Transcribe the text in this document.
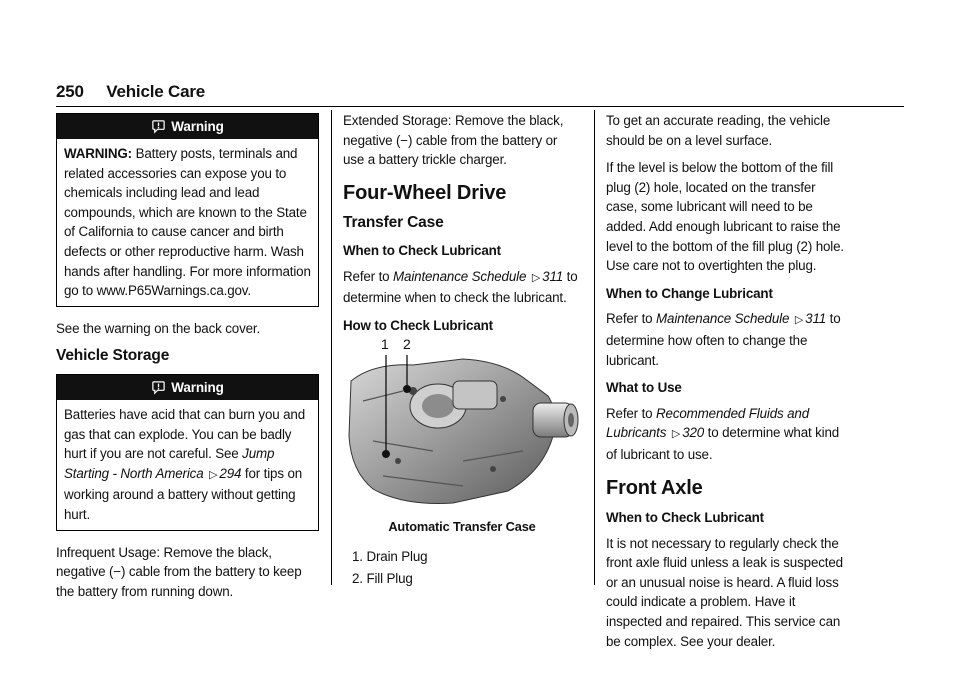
250 Vehicle Care
Warning
WARNING: Battery posts, terminals and related accessories can expose you to chemicals including lead and lead compounds, which are known to the State of California to cause cancer and birth defects or other reproductive harm. Wash hands after handling. For more information go to www.P65Warnings.ca.gov.

See the warning on the back cover.

Vehicle Storage
Warning
Batteries have acid that can burn you and gas that can explode. You can be badly hurt if you are not careful. See Jump Starting - North America ▷ 294 for tips on working around a battery without getting hurt.

Infrequent Usage: Remove the black, negative (−) cable from the battery to keep the battery from running down.

Extended Storage: Remove the black, negative (−) cable from the battery or use a battery trickle charger.

Four-Wheel Drive
Transfer Case
When to Check Lubricant

Refer to Maintenance Schedule ▷ 311 to determine when to check the lubricant.

How to Check Lubricant
1 2
Automatic Transfer Case
1. Drain Plug
2. Fill Plug

To get an accurate reading, the vehicle should be on a level surface.

If the level is below the bottom of the fill plug (2) hole, located on the transfer case, some lubricant will need to be added. Add enough lubricant to raise the level to the bottom of the fill plug (2) hole. Use care not to overtighten the plug.

When to Change Lubricant

Refer to Maintenance Schedule ▷ 311 to determine how often to change the lubricant.

What to Use

Refer to Recommended Fluids and Lubricants ▷ 320 to determine what kind of lubricant to use.

Front Axle
When to Check Lubricant

It is not necessary to regularly check the front axle fluid unless a leak is suspected or an unusual noise is heard. A fluid loss could indicate a problem. Have it inspected and repaired. This service can be complex. See your dealer.
